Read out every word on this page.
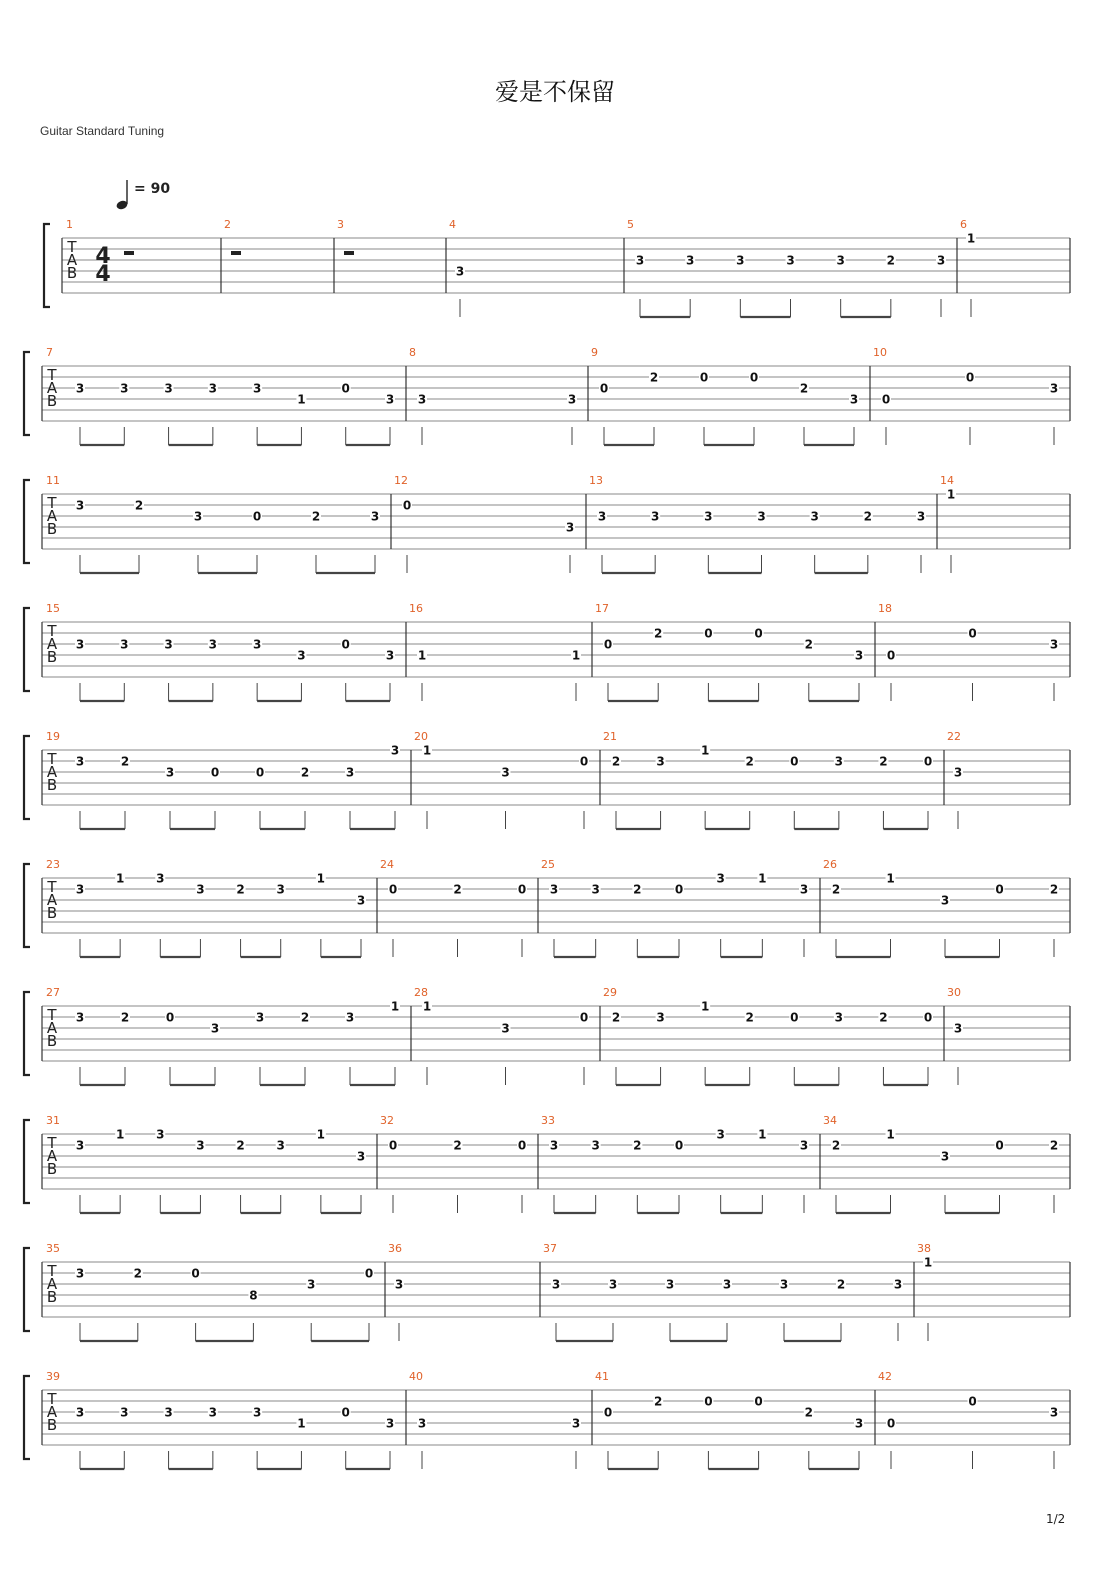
爱是不保留
Guitar Standard Tuning
= 90
1/2
T
A
B
4
4
1	2	3	4
3
5
3	3	3	3	3	2	3
6
1
T
A
B
7
3	3	3	3	3
1
0
3
8
3	3
9
0
2	0	0
2
3
10
0
0
3
T
A
B
11
3	2
3	0	2	3
12
0
3
13
3	3	3	3	3	2	3
14
1
T
A
B
15
3	3	3	3	3
3
0
3
16
1	1
17
0
2	0	0
2
3
18
0
0
3
T
A
B
19
3	2
3	0	0	2	3
3
20
1
3
0
21
2	3
1
2	0	3	2	0
22
3
T
A
B
23
3
1	3
3	2	3
1
3
24
0	2	0
25
3	3	2	0
3	1
3
26
2
1
3
0	2
T
A
B
27
3	2	0
3
3	2	3
1
28
1
3
0
29
2	3
1
2	0	3	2	0
30
3
T
A
B
31
3
1	3
3	2	3
1
3
32
0	2	0
33
3	3	2	0
3	1
3
34
2
1
3
0	2
T
A
B
35
3	2	0
8
3
0
36
3
37
3	3	3	3	3	2	3
38
1
T
A
B
39
3	3	3	3	3
1
0
3
40
3	3
41
0
2	0	0
2
3
42
0
0
3
